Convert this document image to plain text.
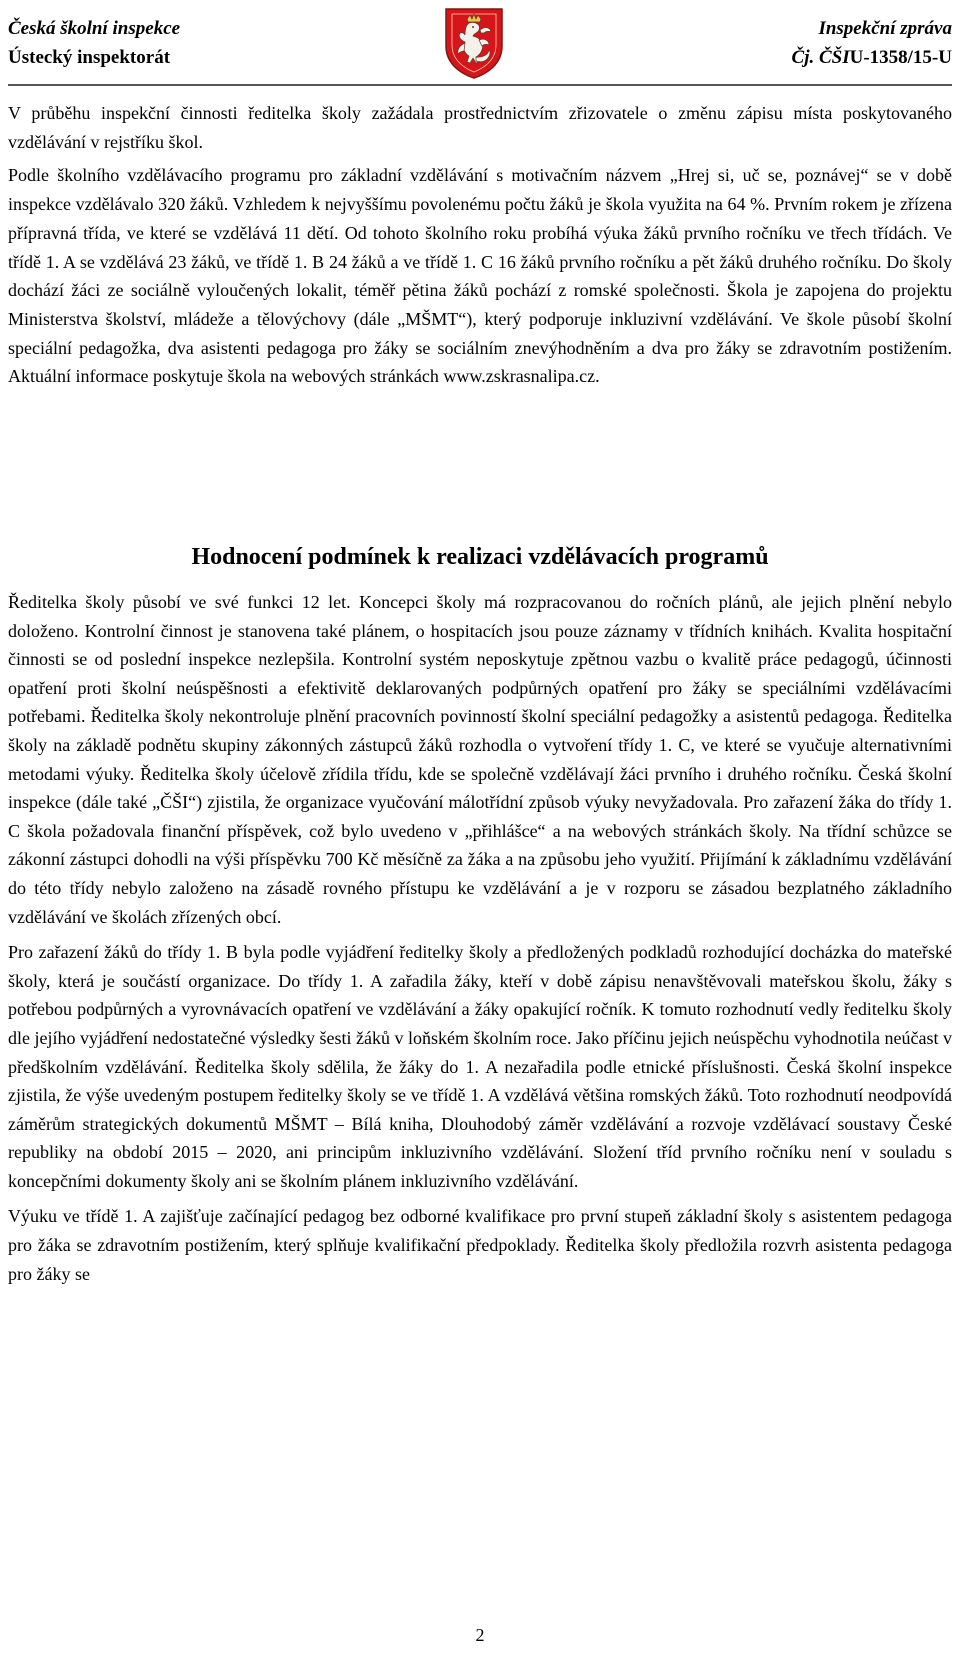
Česká školní inspekce
Ústecký inspektorát
Inspekční zpráva
Čj. ČŠIU-1358/15-U

V průběhu inspekční činnosti ředitelka školy zažádala prostřednictvím zřizovatele o změnu zápisu místa poskytovaného vzdělávání v rejstříku škol.

Podle školního vzdělávacího programu pro základní vzdělávání s motivačním názvem „Hrej si, uč se, poznávej“ se v době inspekce vzdělávalo 320 žáků. Vzhledem k nejvyššímu povolenému počtu žáků je škola využita na 64 %. Prvním rokem je zřízena přípravná třída, ve které se vzdělává 11 dětí. Od tohoto školního roku probíhá výuka žáků prvního ročníku ve třech třídách. Ve třídě 1. A se vzdělává 23 žáků, ve třídě 1. B 24 žáků a ve třídě 1. C 16 žáků prvního ročníku a pět žáků druhého ročníku. Do školy dochází žáci ze sociálně vyloučených lokalit, téměř pětina žáků pochází z romské společnosti. Škola je zapojena do projektu Ministerstva školství, mládeže a tělovýchovy (dále „MŠMT“), který podporuje inkluzivní vzdělávání. Ve škole působí školní speciální pedagožka, dva asistenti pedagoga pro žáky se sociálním znevýhodněním a dva pro žáky se zdravotním postižením. Aktuální informace poskytuje škola na webových stránkách www.zskrasnalipa.cz.

Hodnocení podmínek k realizaci vzdělávacích programů

Ředitelka školy působí ve své funkci 12 let. Koncepci školy má rozpracovanou do ročních plánů, ale jejich plnění nebylo doloženo. Kontrolní činnost je stanovena také plánem, o hospitacích jsou pouze záznamy v třídních knihách. Kvalita hospitační činnosti se od poslední inspekce nezlepšila. Kontrolní systém neposkytuje zpětnou vazbu o kvalitě práce pedagogů, účinnosti opatření proti školní neúspěšnosti a efektivitě deklarovaných podpůrných opatření pro žáky se speciálními vzdělávacími potřebami. Ředitelka školy nekontroluje plnění pracovních povinností školní speciální pedagožky a asistentů pedagoga. Ředitelka školy na základě podnětu skupiny zákonných zástupců žáků rozhodla o vytvoření třídy 1. C, ve které se vyučuje alternativními metodami výuky. Ředitelka školy účelově zřídila třídu, kde se společně vzdělávají žáci prvního i druhého ročníku. Česká školní inspekce (dále také „ČŠI“) zjistila, že organizace vyučování málotřídní způsob výuky nevyžadovala. Pro zařazení žáka do třídy 1. C škola požadovala finanční příspěvek, což bylo uvedeno v „přihlášce“ a na webových stránkách školy. Na třídní schůzce se zákonní zástupci dohodli na výši příspěvku 700 Kč měsíčně za žáka a na způsobu jeho využití. Přijímání k základnímu vzdělávání do této třídy nebylo založeno na zásadě rovného přístupu ke vzdělávání a je v rozporu se zásadou bezplatného základního vzdělávání ve školách zřízených obcí.

Pro zařazení žáků do třídy 1. B byla podle vyjádření ředitelky školy a předložených podkladů rozhodující docházka do mateřské školy, která je součástí organizace. Do třídy 1. A zařadila žáky, kteří v době zápisu nenavštěvovali mateřskou školu, žáky s potřebou podpůrných a vyrovnávacích opatření ve vzdělávání a žáky opakující ročník. K tomuto rozhodnutí vedly ředitelku školy dle jejího vyjádření nedostatečné výsledky šesti žáků v loňském školním roce. Jako příčinu jejich neúspěchu vyhodnotila neúčast v předškolním vzdělávání. Ředitelka školy sdělila, že žáky do 1. A nezařadila podle etnické příslušnosti. Česká školní inspekce zjistila, že výše uvedeným postupem ředitelky školy se ve třídě 1. A vzdělává většina romských žáků. Toto rozhodnutí neodpovídá záměrům strategických dokumentů MŠMT – Bílá kniha, Dlouhodobý záměr vzdělávání a rozvoje vzdělávací soustavy České republiky na období 2015 – 2020, ani principům inkluzivního vzdělávání. Složení tříd prvního ročníku není v souladu s koncepčními dokumenty školy ani se školním plánem inkluzivního vzdělávání.

Výuku ve třídě 1. A zajišťuje začínající pedagog bez odborné kvalifikace pro první stupeň základní školy s asistentem pedagoga pro žáka se zdravotním postižením, který splňuje kvalifikační předpoklady. Ředitelka školy předložila rozvrh asistenta pedagoga pro žáky se

2
